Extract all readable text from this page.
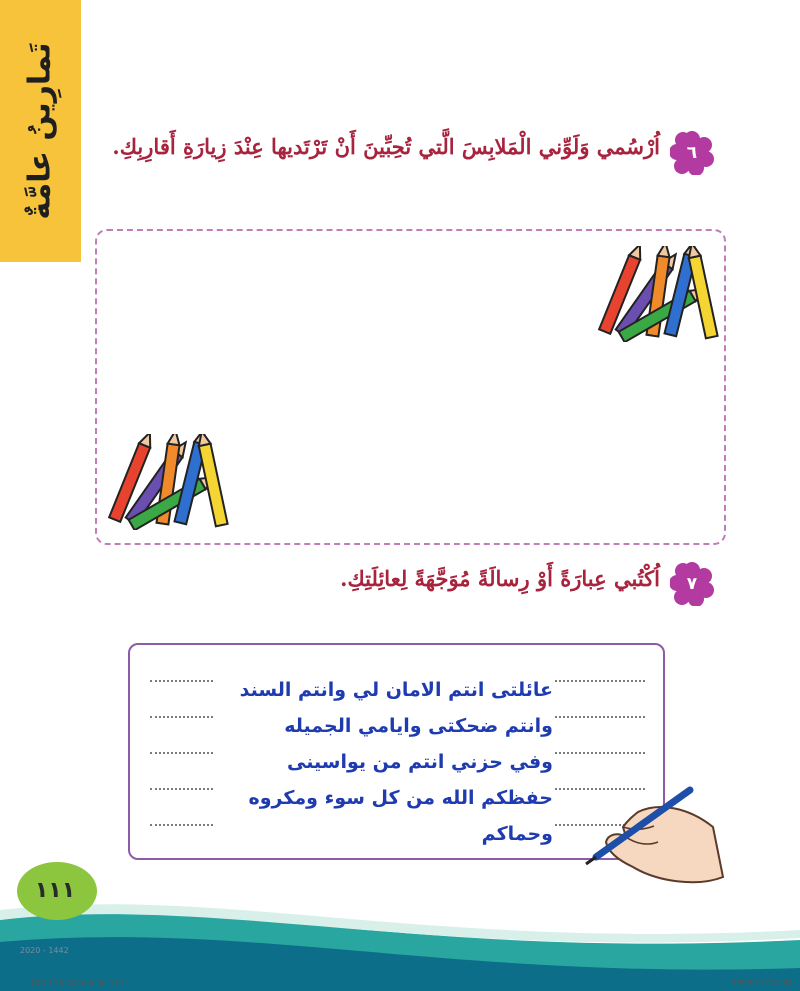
تَمارِينُ عامَّةٌ	٦
اُرْسُمي وَلَوِّني الْمَلابِسَ الَّتي تُحِبِّينَ أَنْ تَرْتَديها عِنْدَ زِيارَةِ أَقارِبِكِ.
٧
اُكْتُبي عِبارَةً أَوْ رِسالَةً مُوَجَّهَةً لِعائِلَتِكِ.
عائلتى انتم الامان لي وانتم السند
وانتم ضحكتى وايامي الجميله
وفي حزني انتم من يواسينى
حفظكم الله من كل سوء ومكروه
وحماكم
١١١
2020 - 1442
106-116-2020.indd 111	7/5/20 5:20 PM
